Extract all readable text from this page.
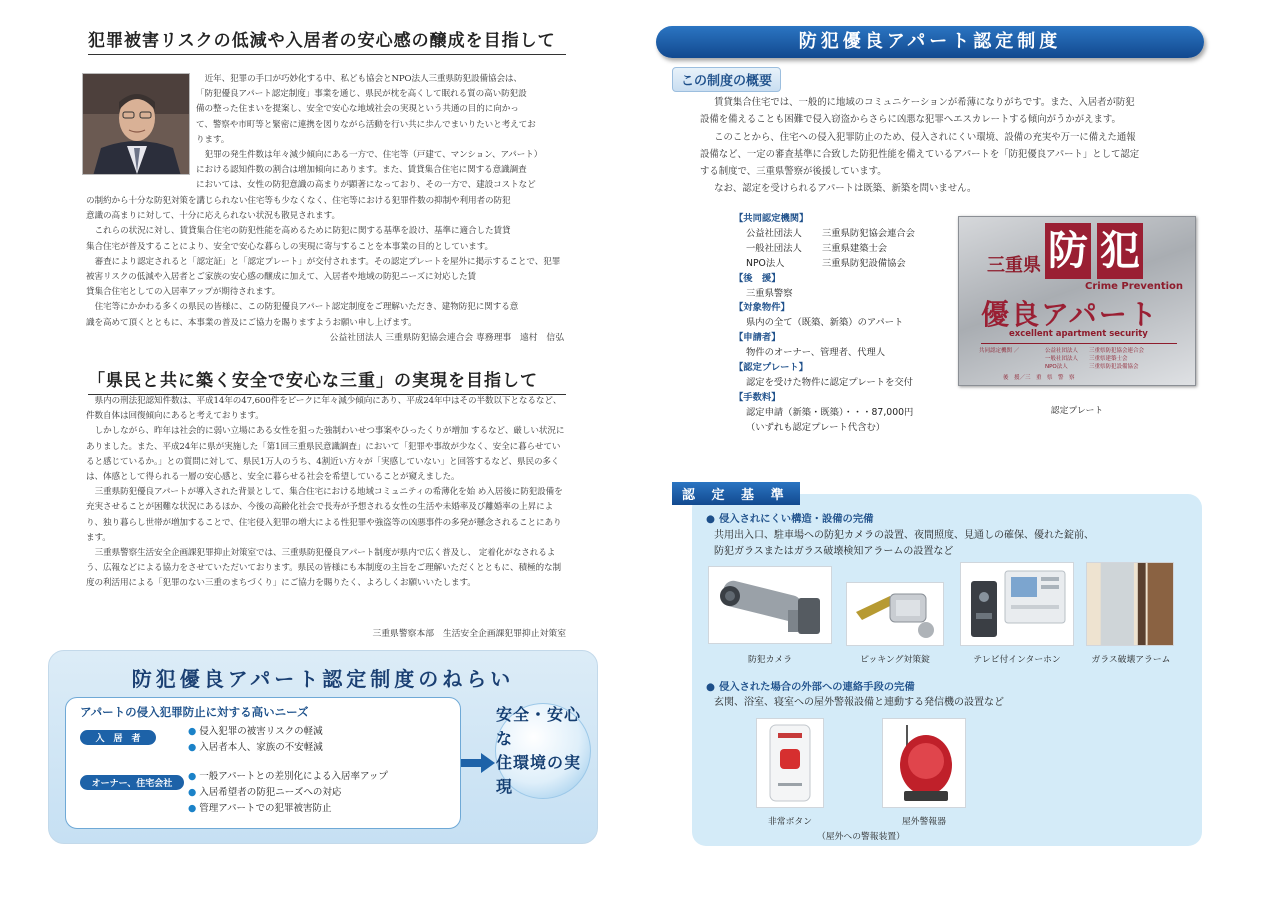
犯罪被害リスクの低減や入居者の安心感の醸成を目指して
近年、犯罪の手口が巧妙化する中、私ども協会とNPO法人三重県防犯設備協会は、
「防犯優良アパート認定制度」事業を通じ、県民が枕を高くして眠れる質の高い防犯設
備の整った住まいを提案し、安全で安心な地域社会の実現という共通の目的に向かっ
て、警察や市町等と緊密に連携を図りながら活動を行い共に歩んでまいりたいと考えてお
ります。
犯罪の発生件数は年々減少傾向にある一方で、住宅等（戸建て、マンション、アパート）
における認知件数の割合は増加傾向にあります。また、賃貸集合住宅に関する意識調査
においては、女性の防犯意識の高まりが顕著になっており、その一方で、建設コストなど
の制約から十分な防犯対策を講じられない住宅等も少なくなく、住宅等における犯罪件数の抑制や利用者の防犯
意識の高まりに対して、十分に応えられない状況も散見されます。
これらの状況に対し、賃貸集合住宅の防犯性能を高めるために防犯に関する基準を設け、基準に適合した賃貸
集合住宅が普及することにより、安全で安心な暮らしの実現に寄与することを本事業の目的としています。
審査により認定されると「認定証」と「認定プレート」が交付されます。その認定プレートを屋外に掲示することで、犯罪被害リスクの低減や入居者とご家族の安心感の醸成に加えて、入居者や地域の防犯ニーズに対応した賃
貸集合住宅としての入居率アップが期待されます。
住宅等にかかわる多くの県民の皆様に、この防犯優良アパート認定制度をご理解いただき、建物防犯に関する意
識を高めて頂くとともに、本事業の普及にご協力を賜りますようお願い申し上げます。
公益社団法人 三重県防犯協会連合会 専務理事　遠村　信弘
「県民と共に築く安全で安心な三重」の実現を目指して
県内の刑法犯認知件数は、平成14年の47,600件をピークに年々減少傾向にあり、平成24年中はその半数以下となるなど、件数自体は回復傾向にあると考えております。
しかしながら、昨年は社会的に弱い立場にある女性を狙った強制わいせつ事案やひったくりが増加 するなど、厳しい状況にありました。また、平成24年に県が実施した「第1回三重県民意識調査」において「犯罪や事故が少なく、安全に暮らせていると感じているか。」との質問に対して、県民1万人のうち、4割近い方々が「実感していない」と回答するなど、県民の多くは、体感として得られる一層の安心感と、安全に暮らせる社会を希望していることが窺えました。
三重県防犯優良アパートが導入された背景として、集合住宅における地域コミュニティの希薄化を始 め入居後に防犯設備を充実させることが困難な状況にあるほか、今後の高齢化社会で長寿が予想される女性の生活や未婚率及び離婚率の上昇により、独り暮らし世帯が増加することで、住宅侵入犯罪の増大による性犯罪や強盗等の凶悪事件の多発が懸念されることにあります。
三重県警察生活安全企画課犯罪抑止対策室では、三重県防犯優良アパート制度が県内で広く普及し、 定着化がなされるよう、広報などによる協力をさせていただいております。県民の皆様にも本制度の主旨をご理解いただくとともに、積極的な制度の利活用による「犯罪のない三重のまちづくり」にご協力を賜りたく、よろしくお願いいたします。
三重県警察本部　生活安全企画課犯罪抑止対策室
防犯優良アパート認定制度のねらい
アパートの侵入犯罪防止に対する高いニーズ
入　居　者
● 侵入犯罪の被害リスクの軽減
● 入居者本人、家族の不安軽減
オーナー、住宅会社
● 一般アパートとの差別化による入居率アップ
● 入居希望者の防犯ニーズへの対応
● 管理アパートでの犯罪被害防止
安全・安心な
住環境の実現
防犯優良アパート認定制度
この制度の概要
賃貸集合住宅では、一般的に地域のコミュニケーションが希薄になりがちです。また、入居者が防犯
設備を備えることも困難で侵入窃盗からさらに凶悪な犯罪へエスカレートする傾向がうかがえます。
このことから、住宅への侵入犯罪防止のため、侵入されにくい環境、設備の充実や万一に備えた通報
設備など、一定の審査基準に合致した防犯性能を備えているアパートを「防犯優良アパート」として認定
する制度で、三重県警察が後援しています。
なお、認定を受けられるアパートは既築、新築を問いません。
【共同認定機関】
公益社団法人 三重県防犯協会連合会
一般社団法人 三重県建築士会
NPO法人	三重県防犯設備協会
【後　援】
三重県警察
【対象物件】
県内の全て（既築、新築）のアパート
【申請者】
物件のオーナー、管理者、代理人
【認定プレート】
認定を受けた物件に認定プレートを交付
【手数料】
認定申請（新築・既築）・・・87,000円
（いずれも認定プレート代含む）
三重県 防 犯
Crime Prevention
優良アパート
excellent apartment security
共同認定機関 ／	公益社団法人 三重県防犯協会連合会
一般社団法人 三重県建築士会
NPO法人	三重県防犯設備協会
後　援／三　重　県　警　察
認定プレート
認 定 基 準
● 侵入されにくい構造・設備の完備
共用出入口、駐車場への防犯カメラの設置、夜間照度、見通しの確保、優れた錠前、
防犯ガラスまたはガラス破壊検知アラームの設置など
防犯カメラ	ピッキング対策錠	テレビ付インターホン	ガラス破壊アラーム
● 侵入された場合の外部への連絡手段の完備
玄関、浴室、寝室への屋外警報設備と連動する発信機の設置など
非常ボタン	屋外警報器
（屋外への警報装置）
